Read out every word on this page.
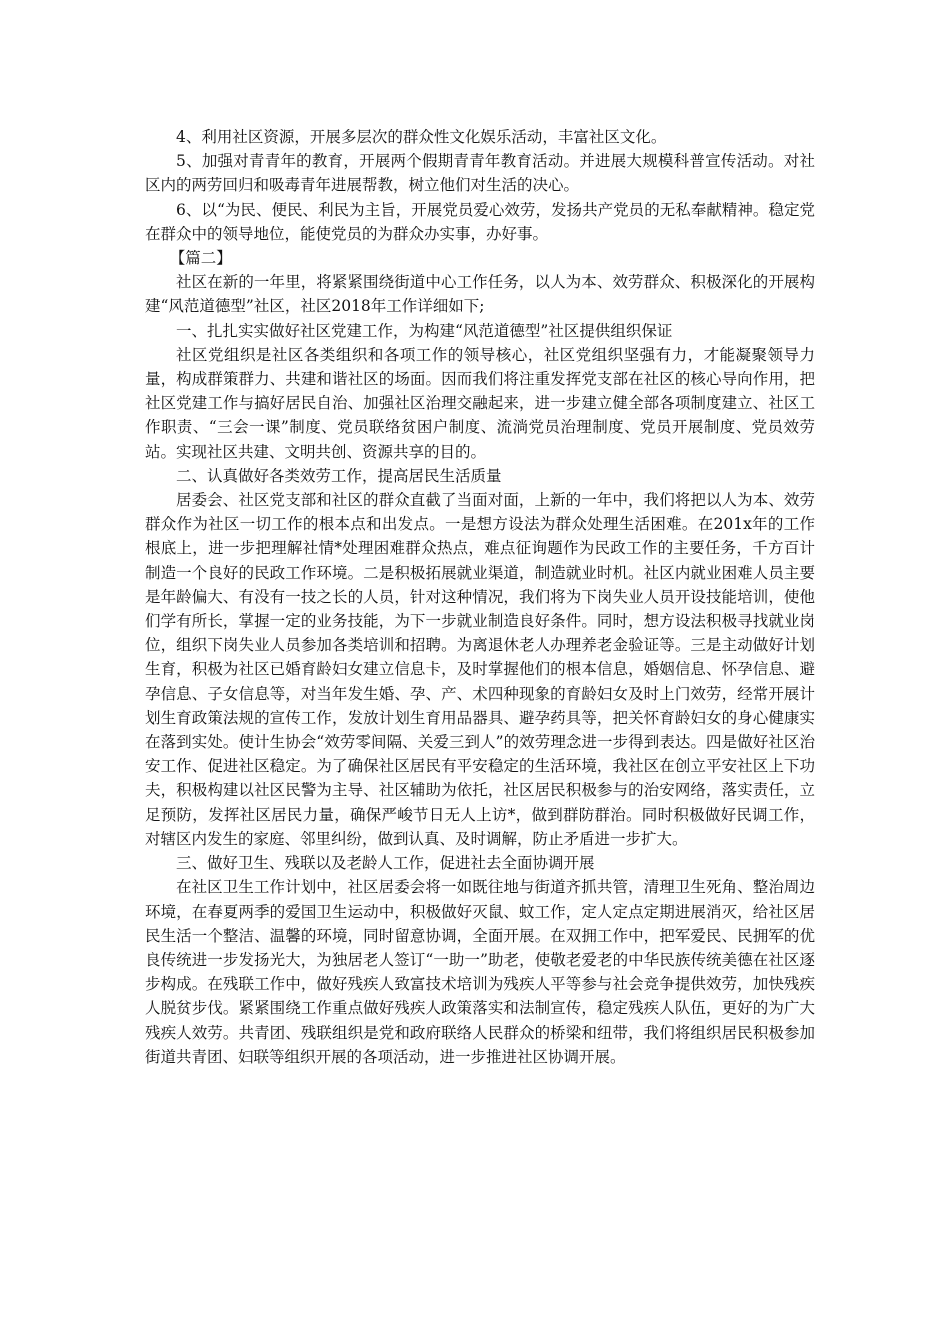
4、利用社区资源，开展多层次的群众性文化娱乐活动，丰富社区文化。

5、加强对青青年的教育，开展两个假期青青年教育活动。并进展大规模科普宣传活动。对社区内的两劳回归和吸毒青年进展帮教，树立他们对生活的决心。

6、以“为民、便民、利民为主旨，开展党员爱心效劳，发扬共产党员的无私奉献精神。稳定党在群众中的领导地位，能使党员的为群众办实事，办好事。

【篇二】

社区在新的一年里，将紧紧围绕街道中心工作任务，以人为本、效劳群众、积极深化的开展构建“风范道德型”社区，社区2018年工作详细如下;

一、扎扎实实做好社区党建工作，为构建“风范道德型”社区提供组织保证

社区党组织是社区各类组织和各项工作的领导核心，社区党组织坚强有力，才能凝聚领导力量，构成群策群力、共建和谐社区的场面。因而我们将注重发挥党支部在社区的核心导向作用，把社区党建工作与搞好居民自治、加强社区治理交融起来，进一步建立健全部各项制度建立、社区工作职责、“三会一课”制度、党员联络贫困户制度、流淌党员治理制度、党员开展制度、党员效劳站。实现社区共建、文明共创、资源共享的目的。

二、认真做好各类效劳工作，提高居民生活质量

居委会、社区党支部和社区的群众直截了当面对面，上新的一年中，我们将把以人为本、效劳群众作为社区一切工作的根本点和出发点。一是想方设法为群众处理生活困难。在201x年的工作根底上，进一步把理解社情*处理困难群众热点，难点征询题作为民政工作的主要任务，千方百计制造一个良好的民政工作环境。二是积极拓展就业渠道，制造就业时机。社区内就业困难人员主要是年龄偏大、有没有一技之长的人员，针对这种情况，我们将为下岗失业人员开设技能培训，使他们学有所长，掌握一定的业务技能，为下一步就业制造良好条件。同时，想方设法积极寻找就业岗位，组织下岗失业人员参加各类培训和招聘。为离退休老人办理养老金验证等。三是主动做好计划生育，积极为社区已婚育龄妇女建立信息卡，及时掌握他们的根本信息，婚姻信息、怀孕信息、避孕信息、子女信息等，对当年发生婚、孕、产、术四种现象的育龄妇女及时上门效劳，经常开展计划生育政策法规的宣传工作，发放计划生育用品器具、避孕药具等，把关怀育龄妇女的身心健康实在落到实处。使计生协会“效劳零间隔、关爱三到人”的效劳理念进一步得到表达。四是做好社区治安工作、促进社区稳定。为了确保社区居民有平安稳定的生活环境，我社区在创立平安社区上下功夫，积极构建以社区民警为主导、社区辅助为依托，社区居民积极参与的治安网络，落实责任，立足预防，发挥社区居民力量，确保严峻节日无人上访*，做到群防群治。同时积极做好民调工作，对辖区内发生的家庭、邻里纠纷，做到认真、及时调解，防止矛盾进一步扩大。

三、做好卫生、残联以及老龄人工作，促进社去全面协调开展

在社区卫生工作计划中，社区居委会将一如既往地与街道齐抓共管，清理卫生死角、整治周边环境，在春夏两季的爱国卫生运动中，积极做好灭鼠、蚊工作，定人定点定期进展消灭，给社区居民生活一个整洁、温馨的环境，同时留意协调，全面开展。在双拥工作中，把军爱民、民拥军的优良传统进一步发扬光大，为独居老人签订“一助一”助老，使敬老爱老的中华民族传统美德在社区逐步构成。在残联工作中，做好残疾人致富技术培训为残疾人平等参与社会竞争提供效劳，加快残疾人脱贫步伐。紧紧围绕工作重点做好残疾人政策落实和法制宣传，稳定残疾人队伍，更好的为广大残疾人效劳。共青团、残联组织是党和政府联络人民群众的桥梁和纽带，我们将组织居民积极参加街道共青团、妇联等组织开展的各项活动，进一步推进社区协调开展。
